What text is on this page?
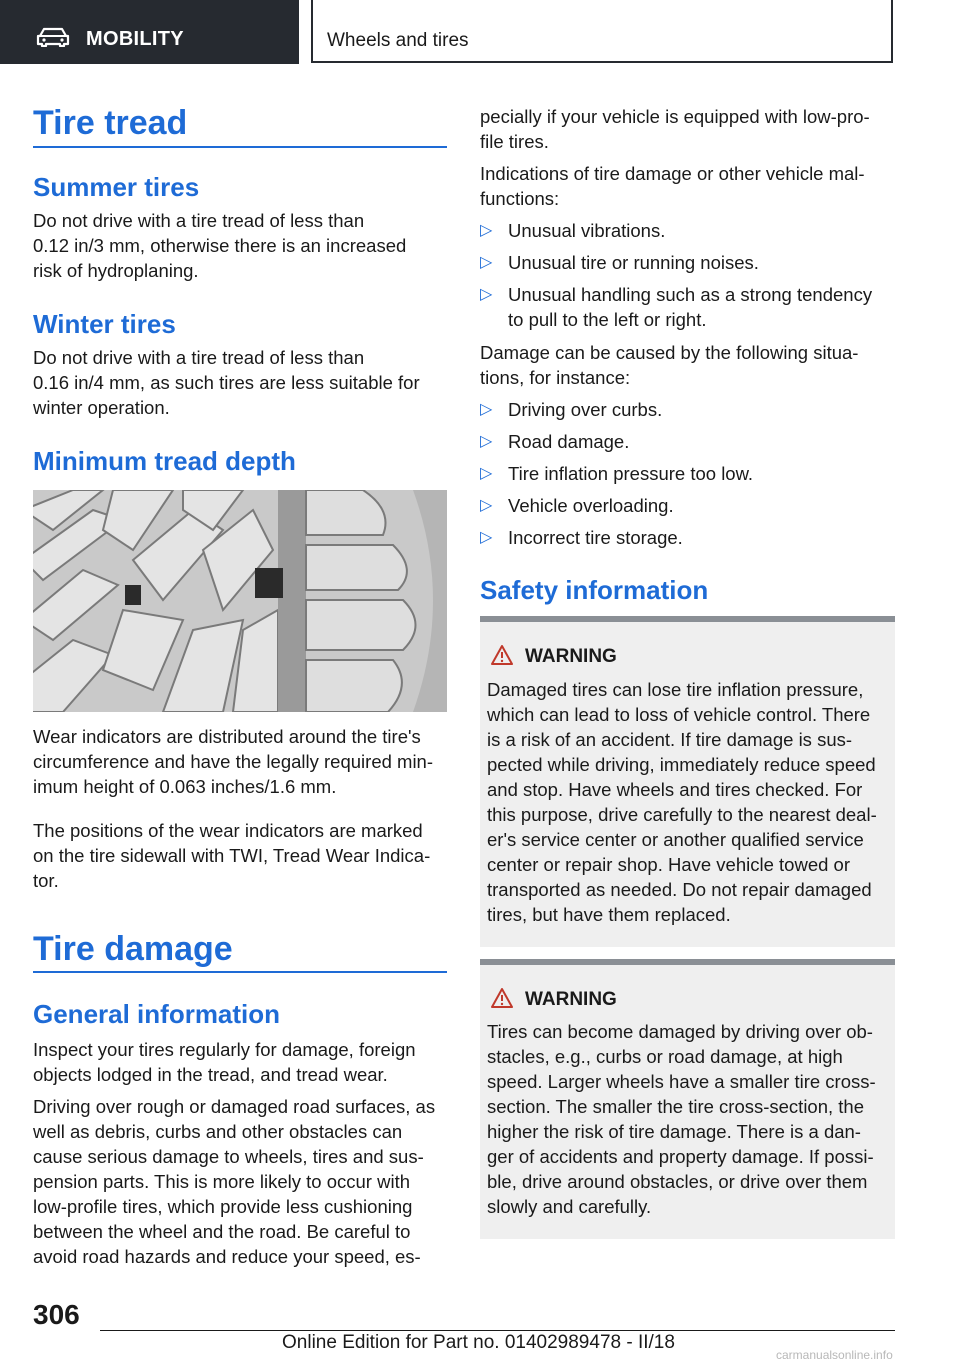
MOBILITY	Wheels and tires
Tire tread
Summer tires
Do not drive with a tire tread of less than
0.12 in/3 mm, otherwise there is an increased
risk of hydroplaning.
Winter tires
Do not drive with a tire tread of less than
0.16 in/4 mm, as such tires are less suitable for
winter operation.
Minimum tread depth
Wear indicators are distributed around the tire's
circumference and have the legally required min-
imum height of 0.063 inches/1.6 mm.
The positions of the wear indicators are marked
on the tire sidewall with TWI, Tread Wear Indica-
tor.
Tire damage
General information
Inspect your tires regularly for damage, foreign
objects lodged in the tread, and tread wear.
Driving over rough or damaged road surfaces, as
well as debris, curbs and other obstacles can
cause serious damage to wheels, tires and sus-
pension parts. This is more likely to occur with
low-profile tires, which provide less cushioning
between the wheel and the road. Be careful to
avoid road hazards and reduce your speed, es-
pecially if your vehicle is equipped with low-pro-
file tires.
Indications of tire damage or other vehicle mal-
functions:
▷ Unusual vibrations.
▷ Unusual tire or running noises.
▷ Unusual handling such as a strong tendency
to pull to the left or right.
Damage can be caused by the following situa-
tions, for instance:
▷ Driving over curbs.
▷ Road damage.
▷ Tire inflation pressure too low.
▷ Vehicle overloading.
▷ Incorrect tire storage.
Safety information
WARNING
Damaged tires can lose tire inflation pressure,
which can lead to loss of vehicle control. There
is a risk of an accident. If tire damage is sus-
pected while driving, immediately reduce speed
and stop. Have wheels and tires checked. For
this purpose, drive carefully to the nearest deal-
er's service center or another qualified service
center or repair shop. Have vehicle towed or
transported as needed. Do not repair damaged
tires, but have them replaced.
WARNING
Tires can become damaged by driving over ob-
stacles, e.g., curbs or road damage, at high
speed. Larger wheels have a smaller tire cross-
section. The smaller the tire cross-section, the
higher the risk of tire damage. There is a dan-
ger of accidents and property damage. If possi-
ble, drive around obstacles, or drive over them
slowly and carefully.
306
Online Edition for Part no. 01402989478 - II/18
carmanualsonline.info
